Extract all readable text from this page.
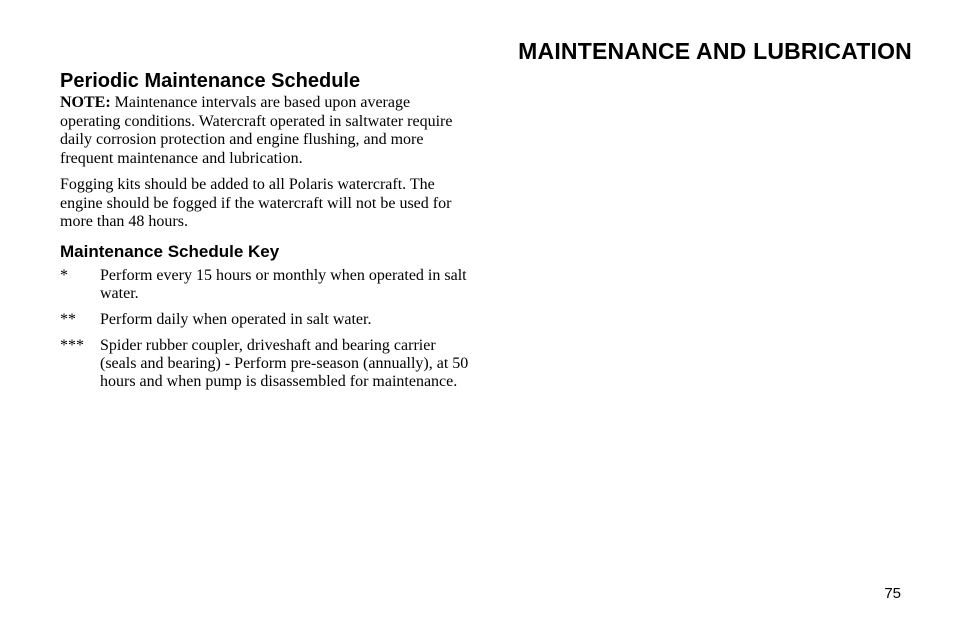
MAINTENANCE AND LUBRICATION
Periodic Maintenance Schedule

NOTE: Maintenance intervals are based upon average operating conditions. Watercraft operated in saltwater require daily corrosion protection and engine flushing, and more frequent maintenance and lubrication.

Fogging kits should be added to all Polaris watercraft. The engine should be fogged if the watercraft will not be used for more than 48 hours.

Maintenance Schedule Key
*	Perform every 15 hours or monthly when operated in salt water.
**	Perform daily when operated in salt water.
***	Spider rubber coupler, driveshaft and bearing carrier (seals and bearing) - Perform pre-season (annually), at 50 hours and when pump is disassembled for maintenance.
75
